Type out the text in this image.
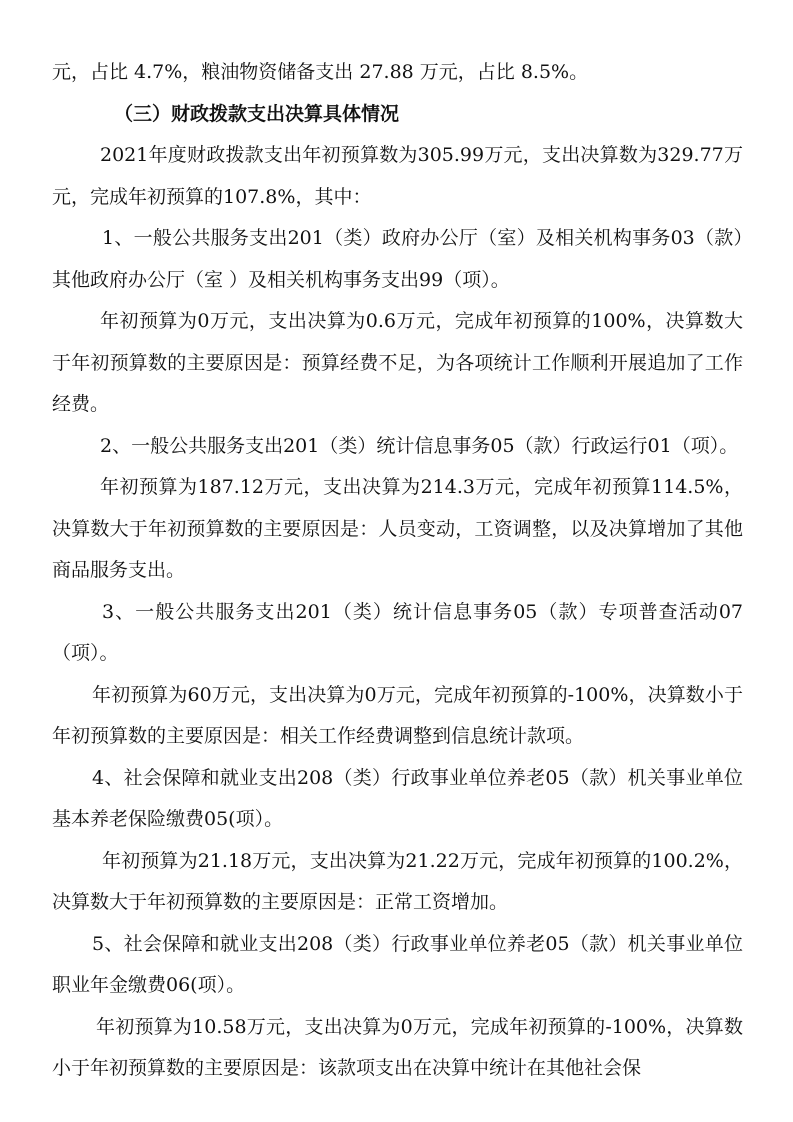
元，占比 4.7%，粮油物资储备支出 27.88 万元，占比 8.5%。

（三）财政拨款支出决算具体情况

2021年度财政拨款支出年初预算数为305.99万元，支出决算数为329.77万元，完成年初预算的107.8%，其中：

1、一般公共服务支出201（类）政府办公厅（室）及相关机构事务03（款）其他政府办公厅（室 ）及相关机构事务支出99（项）。

年初预算为0万元，支出决算为0.6万元，完成年初预算的100%，决算数大于年初预算数的主要原因是：预算经费不足，为各项统计工作顺利开展追加了工作经费。

2、一般公共服务支出201（类）统计信息事务05（款）行政运行01（项）。

年初预算为187.12万元，支出决算为214.3万元，完成年初预算114.5%，决算数大于年初预算数的主要原因是：人员变动，工资调整，以及决算增加了其他商品服务支出。

3、一般公共服务支出201（类）统计信息事务05（款）专项普查活动07（项）。

年初预算为60万元，支出决算为0万元，完成年初预算的-100%，决算数小于年初预算数的主要原因是：相关工作经费调整到信息统计款项。

4、社会保障和就业支出208（类）行政事业单位养老05（款）机关事业单位基本养老保险缴费05(项）。

年初预算为21.18万元，支出决算为21.22万元，完成年初预算的100.2%，决算数大于年初预算数的主要原因是：正常工资增加。

5、社会保障和就业支出208（类）行政事业单位养老05（款）机关事业单位职业年金缴费06(项）。

年初预算为10.58万元，支出决算为0万元，完成年初预算的-100%，决算数小于年初预算数的主要原因是：该款项支出在决算中统计在其他社会保
